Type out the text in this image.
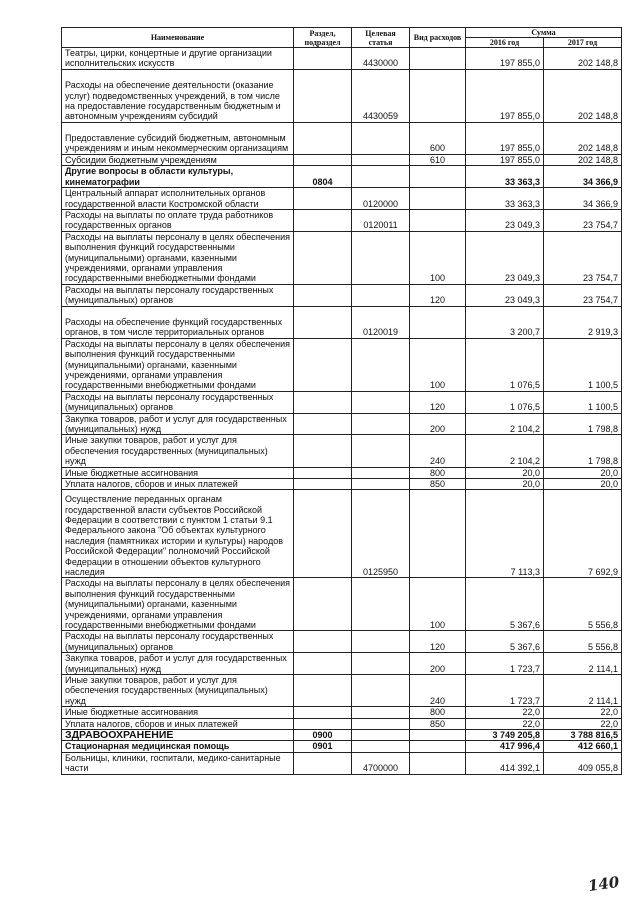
Наименование	Раздел, подраздел	Целевая статья	Вид расходов	Сумма	
				2016 год	2017 год
Театры, цирки, концертные и другие организации исполнительских искусств		4430000		197 855,0	202 148,8
Расходы на обеспечение деятельности (оказание услуг) подведомственных учреждений, в том числе на предоставление государственным бюджетным и автономным учреждениям субсидий		4430059		197 855,0	202 148,8
Предоставление субсидий бюджетным, автономным учреждениям и иным некоммерческим организациям			600	197 855,0	202 148,8
Субсидии бюджетным учреждениям			610	197 855,0	202 148,8
Другие вопросы в области культуры, кинематографии	0804			33 363,3	34 366,9
Центральный аппарат исполнительных органов государственной власти Костромской области		0120000		33 363,3	34 366,9
Расходы на выплаты по оплате труда работников государственных органов		0120011		23 049,3	23 754,7
Расходы на выплаты персоналу в целях обеспечения выполнения функций государственными (муниципальными) органами, казенными учреждениями, органами управления государственными внебюджетными фондами			100	23 049,3	23 754,7
Расходы на выплаты персоналу государственных (муниципальных) органов			120	23 049,3	23 754,7
Расходы на обеспечение функций государственных органов, в том числе территориальных органов		0120019		3 200,7	2 919,3
Расходы на выплаты персоналу в целях обеспечения выполнения функций государственными (муниципальными) органами, казенными учреждениями, органами управления государственными внебюджетными фондами			100	1 076,5	1 100,5
Расходы на выплаты персоналу государственных (муниципальных) органов			120	1 076,5	1 100,5
Закупка товаров, работ и услуг для государственных (муниципальных) нужд			200	2 104,2	1 798,8
Иные закупки товаров, работ и услуг для обеспечения государственных (муниципальных) нужд			240	2 104,2	1 798,8
Иные бюджетные ассигнования			800	20,0	20,0
Уплата налогов, сборов и иных платежей			850	20,0	20,0
Осуществление переданных органам государственной власти субъектов Российской Федерации в соответствии с пунктом 1 статьи 9.1 Федерального закона "Об объектах культурного наследия (памятниках истории и культуры) народов Российской Федерации" полномочий Российской Федерации в отношении объектов культурного наследия		0125950		7 113,3	7 692,9
Расходы на выплаты персоналу в целях обеспечения выполнения функций государственными (муниципальными) органами, казенными учреждениями, органами управления государственными внебюджетными фондами			100	5 367,6	5 556,8
Расходы на выплаты персоналу государственных (муниципальных) органов			120	5 367,6	5 556,8
Закупка товаров, работ и услуг для государственных (муниципальных) нужд			200	1 723,7	2 114,1
Иные закупки товаров, работ и услуг для обеспечения государственных (муниципальных) нужд			240	1 723,7	2 114,1
Иные бюджетные ассигнования			800	22,0	22,0
Уплата налогов, сборов и иных платежей			850	22,0	22,0
ЗДРАВООХРАНЕНИЕ	0900			3 749 205,8	3 788 816,5
Стационарная медицинская помощь	0901			417 996,4	412 660,1
Больницы, клиники, госпитали, медико-санитарные части		4700000		414 392,1	409 055,8
140
